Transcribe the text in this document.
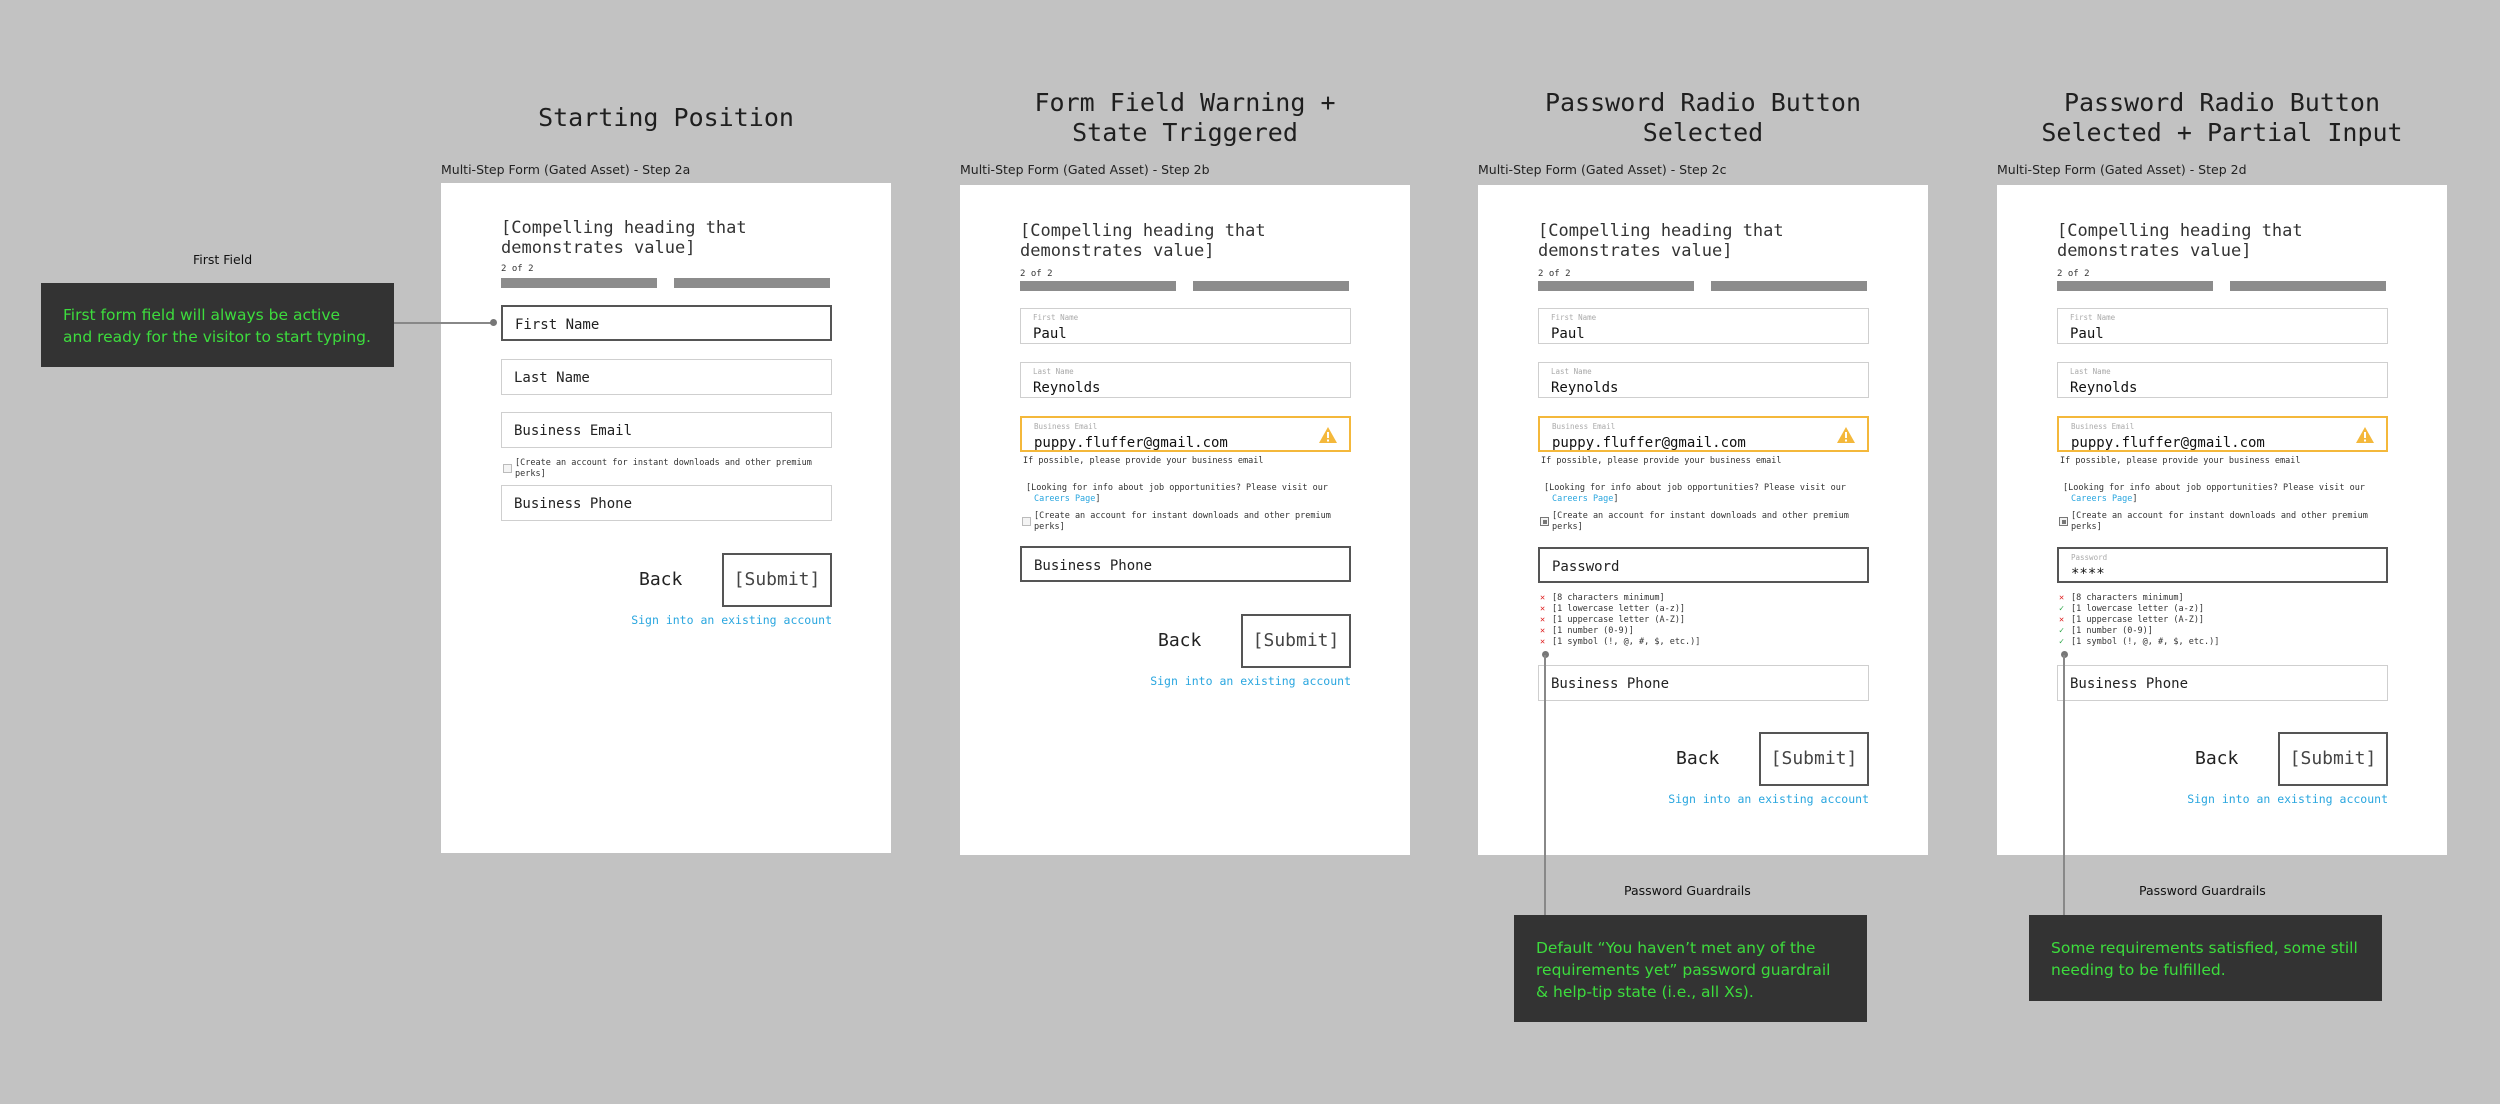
Starting Position
Form Field Warning +
State Triggered
Password Radio Button
Selected
Password Radio Button
Selected + Partial Input
Multi-Step Form (Gated Asset) - Step 2a	Multi-Step Form (Gated Asset) - Step 2b	Multi-Step Form (Gated Asset) - Step 2c	Multi-Step Form (Gated Asset) - Step 2d
[Compelling heading that demonstrates value]
2 of 2
First Name
Last Name
Business Email
[Create an account for instant downloads and other premium perks]
Business Phone
Back	[Submit]
Sign into an existing account
[Compelling heading that demonstrates value]
2 of 2
First Name
Paul
Last Name
Reynolds
Business Email
puppy.fluffer@gmail.com
If possible, please provide your business email
[Looking for info about job opportunities? Please visit our
Careers Page]
[Create an account for instant downloads and other premium perks]
Business Phone
Back	[Submit]
Sign into an existing account
[Compelling heading that demonstrates value]
2 of 2
First Name
Paul
Last Name
Reynolds
Business Email
puppy.fluffer@gmail.com
If possible, please provide your business email
[Looking for info about job opportunities? Please visit our
Careers Page]
[Create an account for instant downloads and other premium perks]
Password
✕ [8 characters minimum]
✕ [1 lowercase letter (a-z)]
✕ [1 uppercase letter (A-Z)]
✕ [1 number (0-9)]
✕ [1 symbol (!, @, #, $, etc.)]
Business Phone
Back	[Submit]
Sign into an existing account
[Compelling heading that demonstrates value]
2 of 2
First Name
Paul
Last Name
Reynolds
Business Email
puppy.fluffer@gmail.com
If possible, please provide your business email
[Looking for info about job opportunities? Please visit our
Careers Page]
[Create an account for instant downloads and other premium perks]
Password
****
✕ [8 characters minimum]
✓ [1 lowercase letter (a-z)]
✕ [1 uppercase letter (A-Z)]
✓ [1 number (0-9)]
✓ [1 symbol (!, @, #, $, etc.)]
Business Phone
Back	[Submit]
Sign into an existing account
First Field
First form field will always be active and ready for the visitor to start typing.
Password Guardrails
Default “You haven’t met any of the requirements yet” password guardrail & help-tip state (i.e., all Xs).
Password Guardrails
Some requirements satisfied, some still needing to be fulfilled.
